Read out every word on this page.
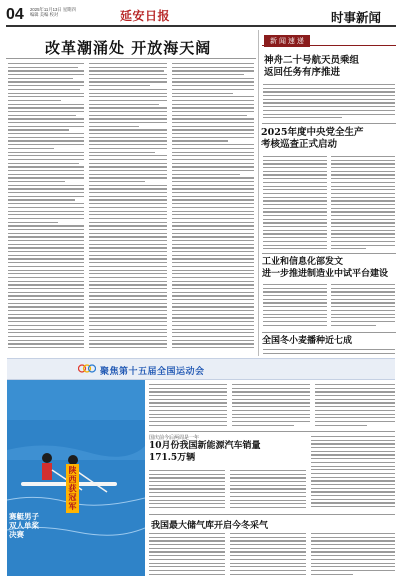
04 2025年11月13日 星期四
编辑 美编 校对	延安日报	时事新闻
改革潮涌处 开放海天阔	新 闻 速 递
神舟二十号航天员乘组
返回任务有序推进
2025年度中央党全生产
考核巡查正式启动
工业和信息化部发文
进一步推进制造业中试平台建设
全国冬小麦播种近七成
聚焦第十五届全国运动会
赛艇男子双人单桨决赛
陕西获冠军
国庆前今后两周是一年
10月份我国新能源汽车销量
171.5万辆
我国最大储气库开启今冬采气
